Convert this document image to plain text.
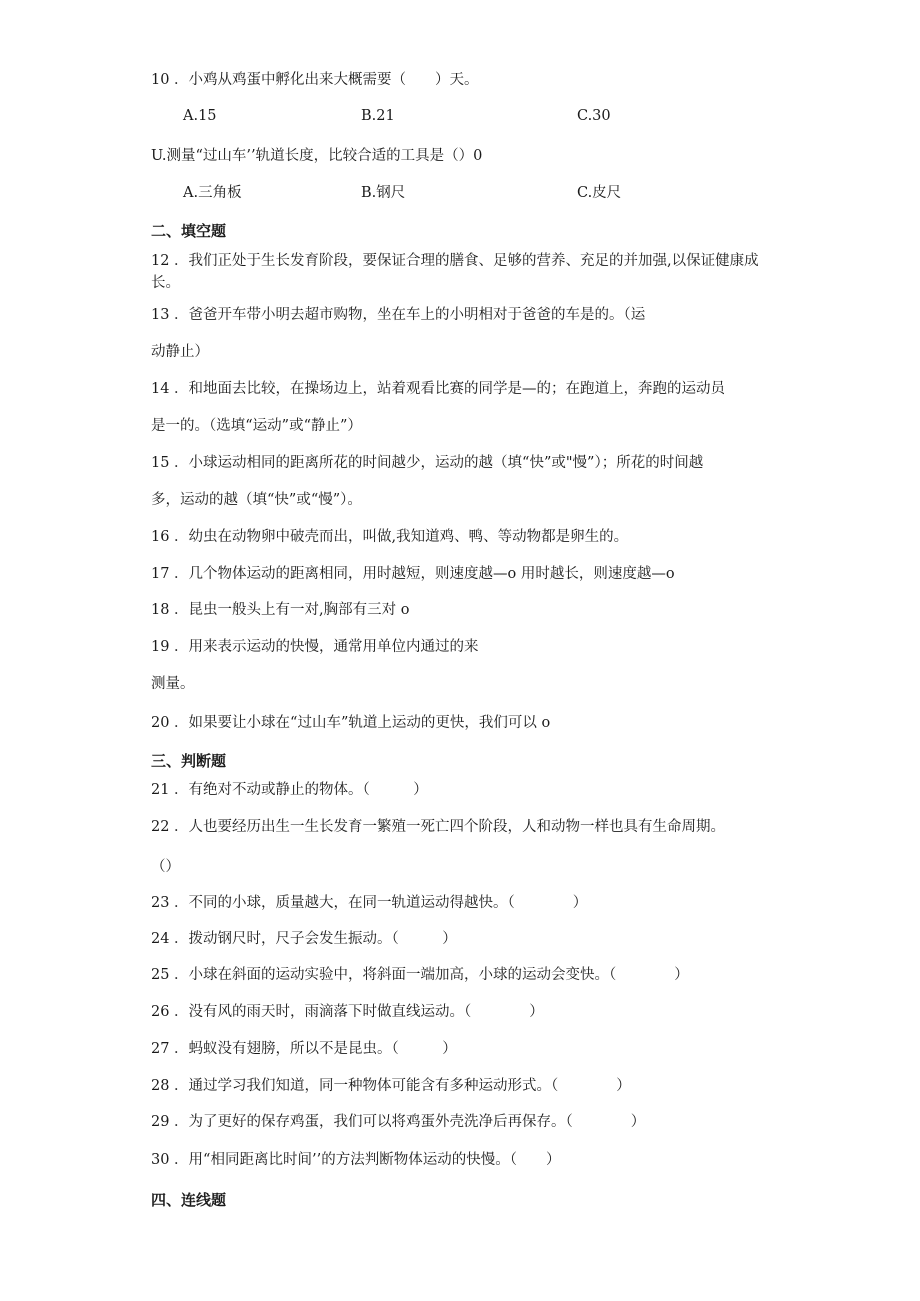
10 ．小鸡从鸡蛋中孵化出来大概需要（　　）天。
A.15	B.21	C.30
U.测量“过山车’’轨道长度，比较合适的工具是（）0
A.三角板	B.钢尺	C.皮尺
二、填空题
12 ．我们正处于生长发育阶段，要保证合理的膳食、足够的营养、充足的并加强,以保证健康成长。
13 ．爸爸开车带小明去超市购物，坐在车上的小明相对于爸爸的车是的。（运
动静止）
14 ．和地面去比较，在操场边上，站着观看比赛的同学是—的；在跑道上，奔跑的运动员
是一的。（选填“运动”或“静止”）
15 ．小球运动相同的距离所花的时间越少，运动的越（填“快”或"慢”）；所花的时间越
多，运动的越（填“快”或“慢”）。
16 ．幼虫在动物卵中破壳而出，叫做,我知道鸡、鸭、等动物都是卵生的。
17 ．几个物体运动的距离相同，用时越短，则速度越—o 用时越长，则速度越—o
18 ．昆虫一般头上有一对,胸部有三对 o
19 ．用来表示运动的快慢，通常用单位内通过的来
测量。
20 ．如果要让小球在“过山车”轨道上运动的更快，我们可以 o
三、判断题
21 ．有绝对不动或静止的物体。（　　　）
22 ．人也要经历出生一生长发育一繁殖一死亡四个阶段，人和动物一样也具有生命周期。
（）
23 ．不同的小球，质量越大，在同一轨道运动得越快。（　　　　）
24 ．拨动钢尺时，尺子会发生振动。（　　　）
25 ．小球在斜面的运动实验中，将斜面一端加高，小球的运动会变快。（　　　　）
26 ．没有风的雨天时，雨滴落下时做直线运动。（　　　　）
27 ．蚂蚁没有翅膀，所以不是昆虫。（　　　）
28 ．通过学习我们知道，同一种物体可能含有多种运动形式。（　　　　）
29 ．为了更好的保存鸡蛋，我们可以将鸡蛋外壳洗净后再保存。（　　　　）
30 ．用“相同距离比时间’’的方法判断物体运动的快慢。（　　）
四、连线题
